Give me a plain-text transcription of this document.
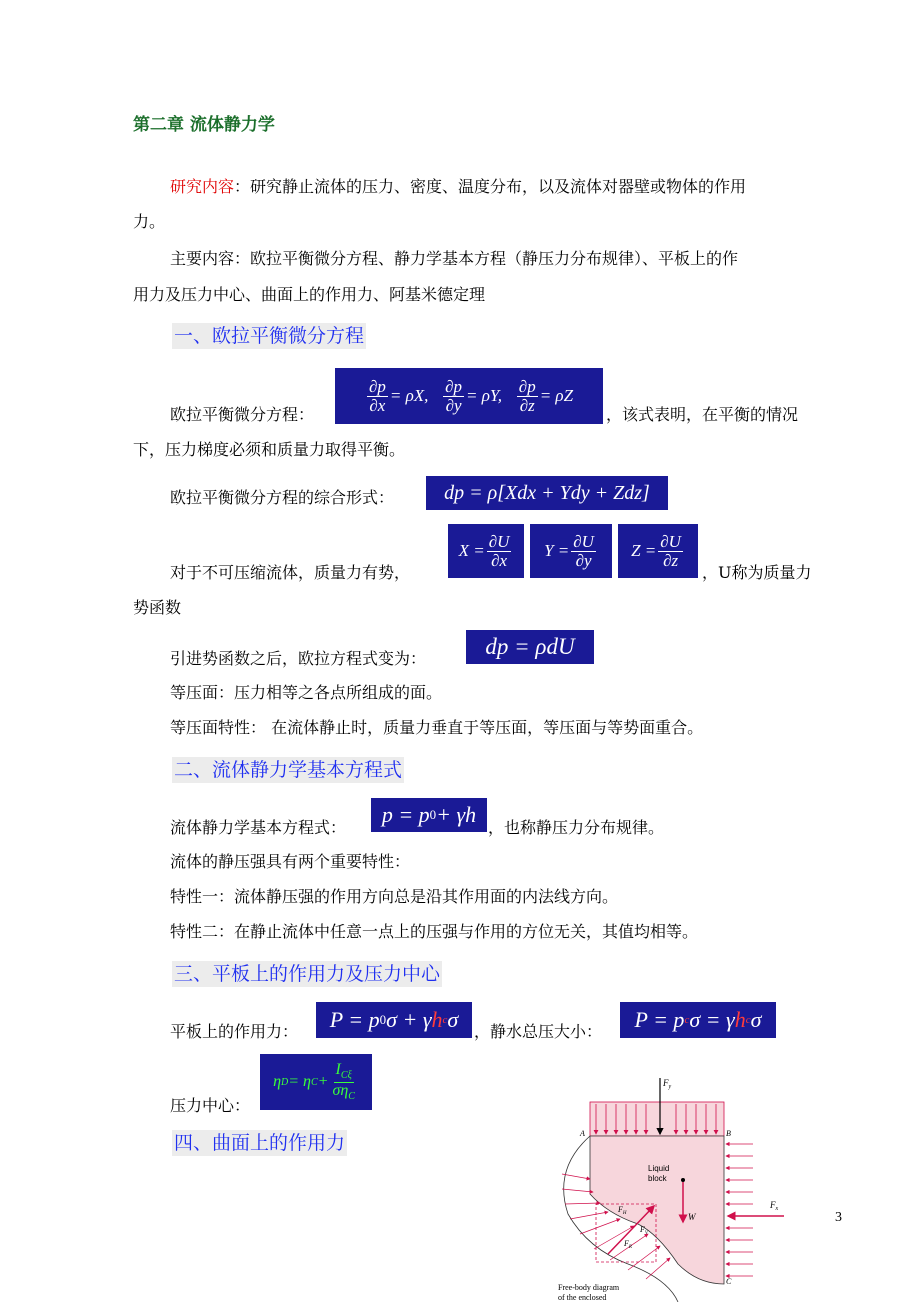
第二章 流体静力学
研究内容：研究静止流体的压力、密度、温度分布，以及流体对器壁或物体的作用
力。
主要内容：欧拉平衡微分方程、静力学基本方程（静压力分布规律）、平板上的作
用力及压力中心、曲面上的作用力、阿基米德定理
一、欧拉平衡微分方程
欧拉平衡微分方程：
$\frac{\partial p}{\partial x} = \rho X$,
$\frac{\partial p}{\partial y} = \rho Y$,
$\frac{\partial p}{\partial z} = \rho Z$
，该式表明，在平衡的情况
下，压力梯度必须和质量力取得平衡。
欧拉平衡微分方程的综合形式：	dp = ρ[Xdx + Ydy + Zdz]
对于不可压缩流体，质量力有势，
$X = \frac{\partial U}{\partial x}$ $Y = \frac{\partial U}{\partial y}$ $Z = \frac{\partial U}{\partial z}$
，U称为质量力
势函数
引进势函数之后，欧拉方程式变为：	dp = ρdU
等压面：压力相等之各点所组成的面。
等压面特性： 在流体静止时，质量力垂直于等压面，等压面与等势面重合。
二、流体静力学基本方程式
流体静力学基本方程式：
p = p 0 + γh
，也称静压力分布规律。
流体的静压强具有两个重要特性：
特性一：流体静压强的作用方向总是沿其作用面的内法线方向。
特性二：在静止流体中任意一点上的压强与作用的方位无关，其值均相等。
三、平板上的作用力及压力中心
平板上的作用力： P = p 0 σ + γ h c σ ，静水总压大小： P = p c σ = γ h c σ
压力中心：
η D = η $C + \frac{I_{C\xi}}{\sigma\eta_C}$
四、曲面上的作用力
$F_y$
$F_x$
A	B
C
Liquid
block
W
$F_H$
$F_V$
$F_R$
Free-body diagram
of the enclosed
3
